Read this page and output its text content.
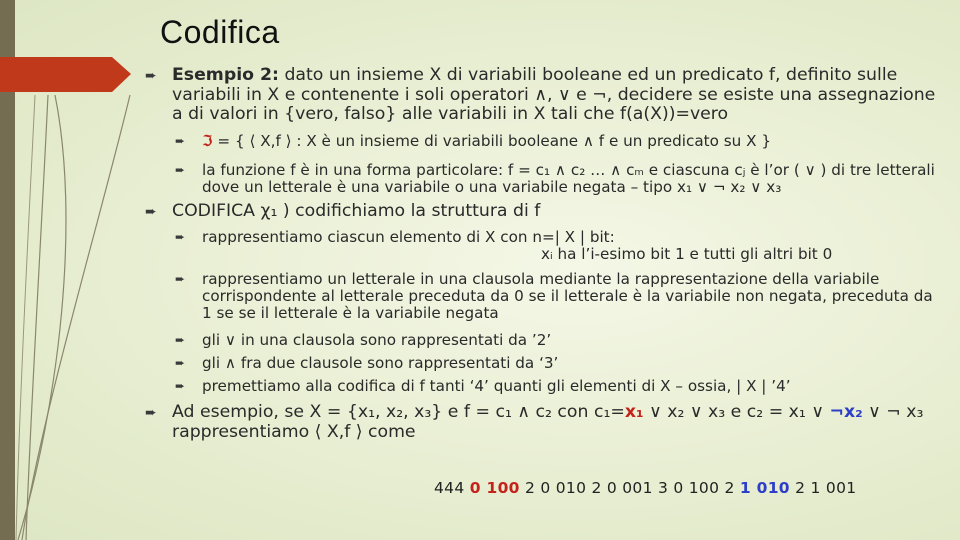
Codifica
➨ Esempio 2: dato un insieme X di variabili booleane ed un predicato f, definito sulle variabili in X e contenente i soli operatori ∧, ∨ e ¬, decidere se esiste una assegnazione a di valori in {vero, falso} alle variabili in X tali che f(a(X))=vero
➨ ℑ = { ⟨ X,f ⟩ : X è un insieme di variabili booleane ∧ f e un predicato su X }
➨ la funzione f è in una forma particolare: f = c₁ ∧ c₂ … ∧ cₘ e ciascuna cⱼ è l’or ( ∨ ) di tre letterali dove un letterale è una variabile o una variabile negata – tipo x₁ ∨ ¬ x₂ ∨ x₃
➨ CODIFICA χ₁ ) codifichiamo la struttura di f
➨ rappresentiamo ciascun elemento di X con n=| X | bit:
xᵢ ha l’i-esimo bit 1 e tutti gli altri bit 0
➨ rappresentiamo un letterale in una clausola mediante la rappresentazione della variabile corrispondente al letterale preceduta da 0 se il letterale è la variabile non negata, preceduta da 1 se se il letterale è la variabile negata
➨ gli ∨ in una clausola sono rappresentati da ’2’
➨ gli ∧ fra due clausole sono rappresentati da ‘3’
➨ premettiamo alla codifica di f tanti ‘4’ quanti gli elementi di X – ossia, | X | ’4’
➨ Ad esempio, se X = {x₁, x₂, x₃} e f = c₁ ∧ c₂ con c₁=x₁ ∨ x₂ ∨ x₃ e c₂ = x₁ ∨ ¬x₂ ∨ ¬ x₃ rappresentiamo ⟨ X,f ⟩ come
444 0 100 2 0 010 2 0 001 3 0 100 2 1 010 2 1 001
